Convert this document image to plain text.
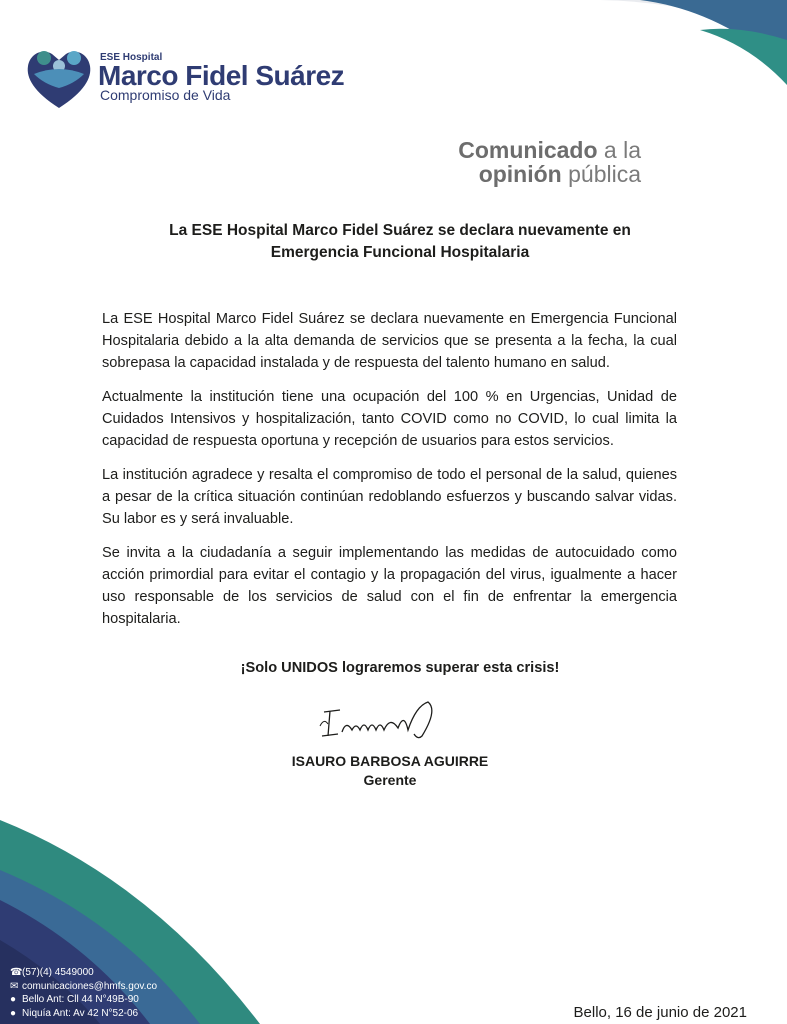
ESE Hospital
Marco Fidel Suárez
Compromiso de Vida
Comunicado a la
opinión pública
La ESE Hospital Marco Fidel Suárez se declara nuevamente en
Emergencia Funcional Hospitalaria

La ESE Hospital Marco Fidel Suárez se declara nuevamente en Emergencia Funcional Hospitalaria debido a la alta demanda de servicios que se presenta a la fecha, la cual sobrepasa la capacidad instalada y de respuesta del talento humano en salud.

Actualmente la institución tiene una ocupación del 100 % en Urgencias, Unidad de Cuidados Intensivos y hospitalización, tanto COVID como no COVID, lo cual limita la capacidad de respuesta oportuna y recepción de usuarios para estos servicios.

La institución agradece y resalta el compromiso de todo el personal de la salud, quienes a pesar de la crítica situación continúan redoblando esfuerzos y buscando salvar vidas. Su labor es y será invaluable.

Se invita a la ciudadanía a seguir implementando las medidas de autocuidado como acción primordial para evitar el contagio y la propagación del virus, igualmente a hacer uso responsable de los servicios de salud con el fin de enfrentar la emergencia hospitalaria.

¡Solo UNIDOS lograremos superar esta crisis!
ISAURO BARBOSA AGUIRRE
Gerente
☎(57)(4) 4549000
✉ comunicaciones@hmfs.gov.co
● Bello Ant: Cll 44 N°49B-90
● Niquía Ant: Av 42 N°52-06	Bello, 16 de junio de 2021
